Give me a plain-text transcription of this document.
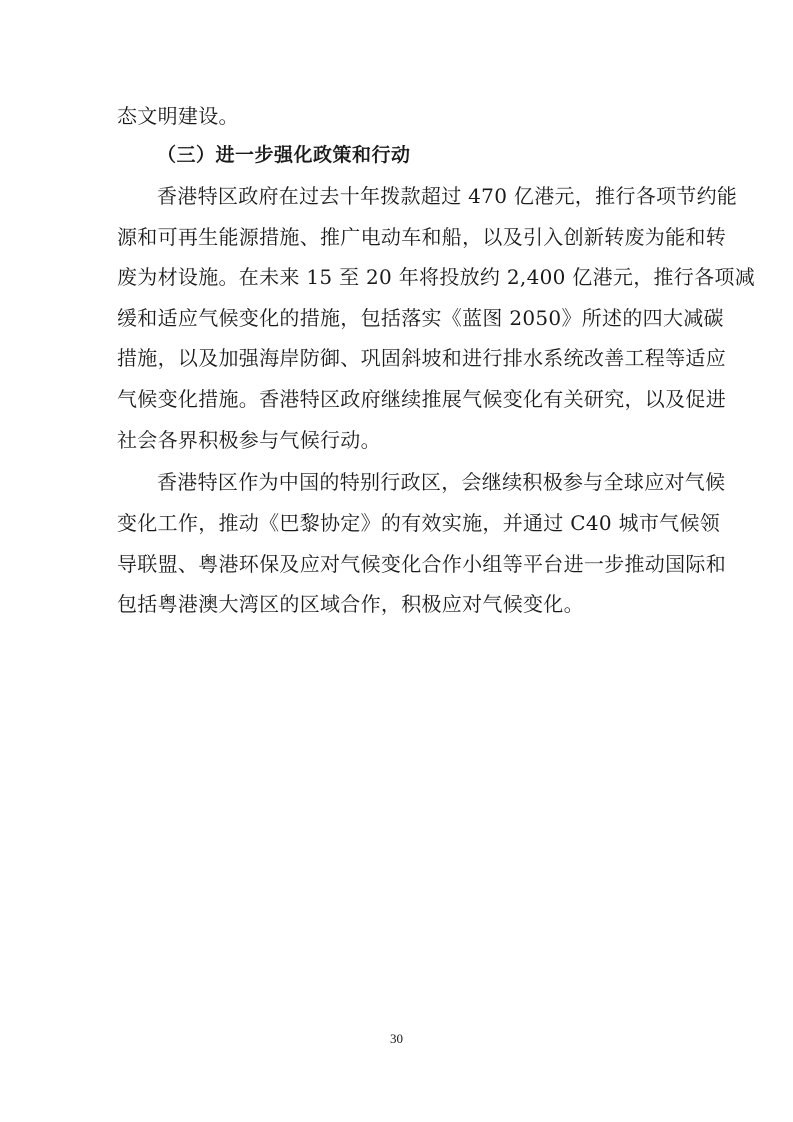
态文明建设。
（三）进一步强化政策和行动
香港特区政府在过去十年拨款超过 470 亿港元，推行各项节约能
源和可再生能源措施、推广电动车和船，以及引入创新转废为能和转
废为材设施。在未来 15 至 20 年将投放约 2,400 亿港元，推行各项减
缓和适应气候变化的措施，包括落实《蓝图 2050》所述的四大减碳
措施，以及加强海岸防御、巩固斜坡和进行排水系统改善工程等适应
气候变化措施。香港特区政府继续推展气候变化有关研究，以及促进
社会各界积极参与气候行动。
香港特区作为中国的特别行政区，会继续积极参与全球应对气候
变化工作，推动《巴黎协定》的有效实施，并通过 C40 城市气候领
导联盟、粤港环保及应对气候变化合作小组等平台进一步推动国际和
包括粤港澳大湾区的区域合作，积极应对气候变化。
30
